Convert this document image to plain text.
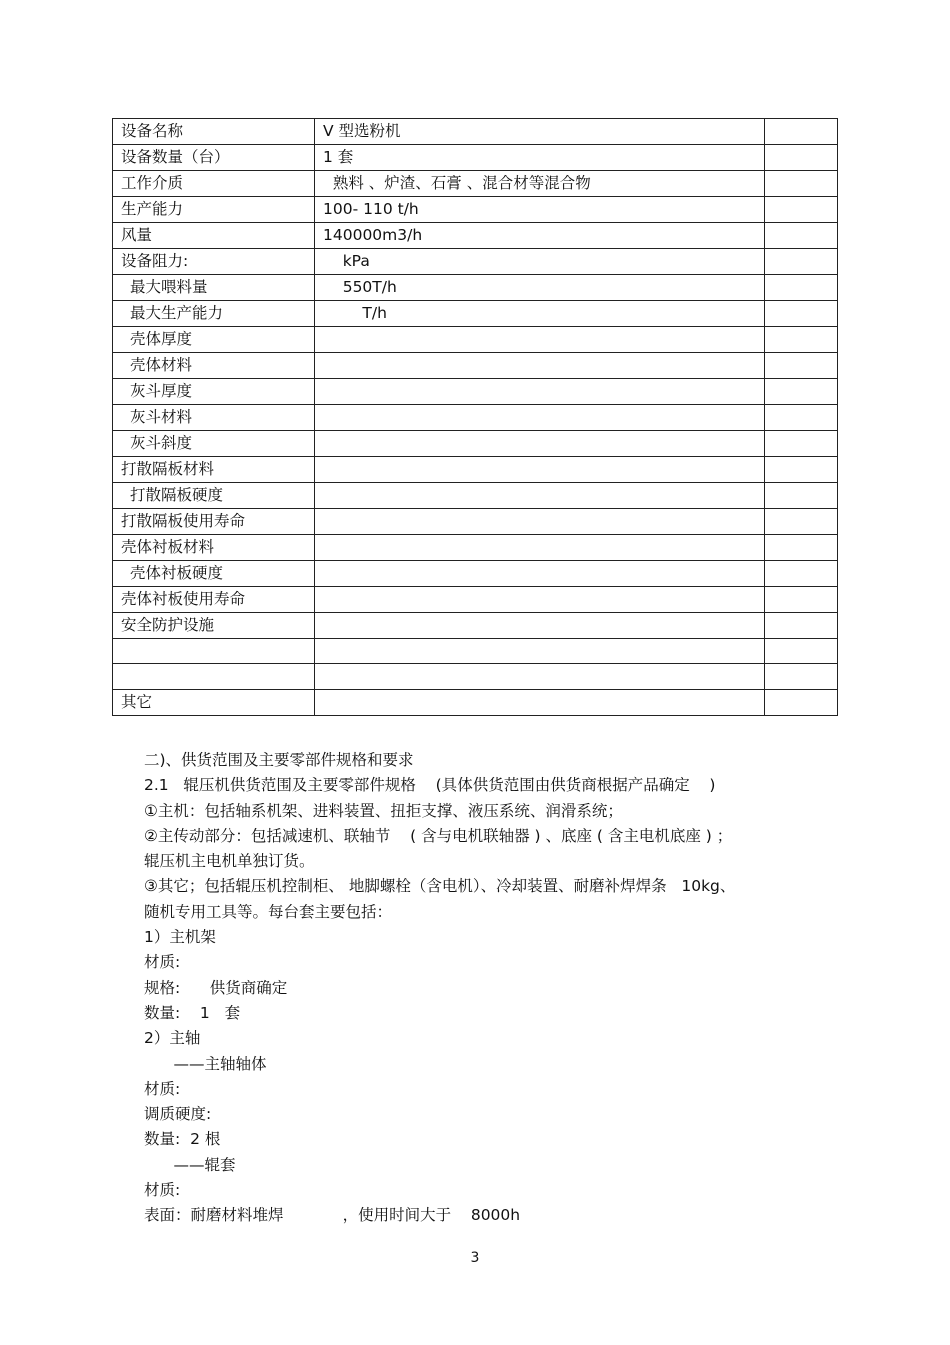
设备名称	V 型选粉机	
设备数量（台）	1 套	
工作介质	熟料 、炉渣、石膏 、混合材等混合物	
生产能力	100- 110 t/h	
风量	140000m3/h	
设备阻力:	kPa	
最大喂料量	550T/h	
最大生产能力	T/h	
壳体厚度		
壳体材料		
灰斗厚度		
灰斗材料		
灰斗斜度		
打散隔板材料		
打散隔板硬度		
打散隔板使用寿命		
壳体衬板材料		
壳体衬板硬度		
壳体衬板使用寿命		
安全防护设施		

其它		

二)、供货范围及主要零部件规格和要求

2.1   辊压机供货范围及主要零部件规格    (具体供货范围由供货商根据产品确定    )

①主机：包括轴系机架、进料装置、扭拒支撑、液压系统、润滑系统；

②主传动部分：包括减速机、联轴节    ( 含与电机联轴器 ) 、底座 ( 含主电机底座 ) ；

辊压机主电机单独订货。

③其它；包括辊压机控制柜、 地脚螺栓（含电机）、冷却装置、耐磨补焊焊条   10kg、

随机专用工具等。每台套主要包括：

1）主机架

材质:

规格:      供货商确定

数量:    1   套

2）主轴

——主轴轴体

材质:

调质硬度:

数量:  2 根

——辊套

材质:

表面：耐磨材料堆焊            ，使用时间大于    8000h

3
